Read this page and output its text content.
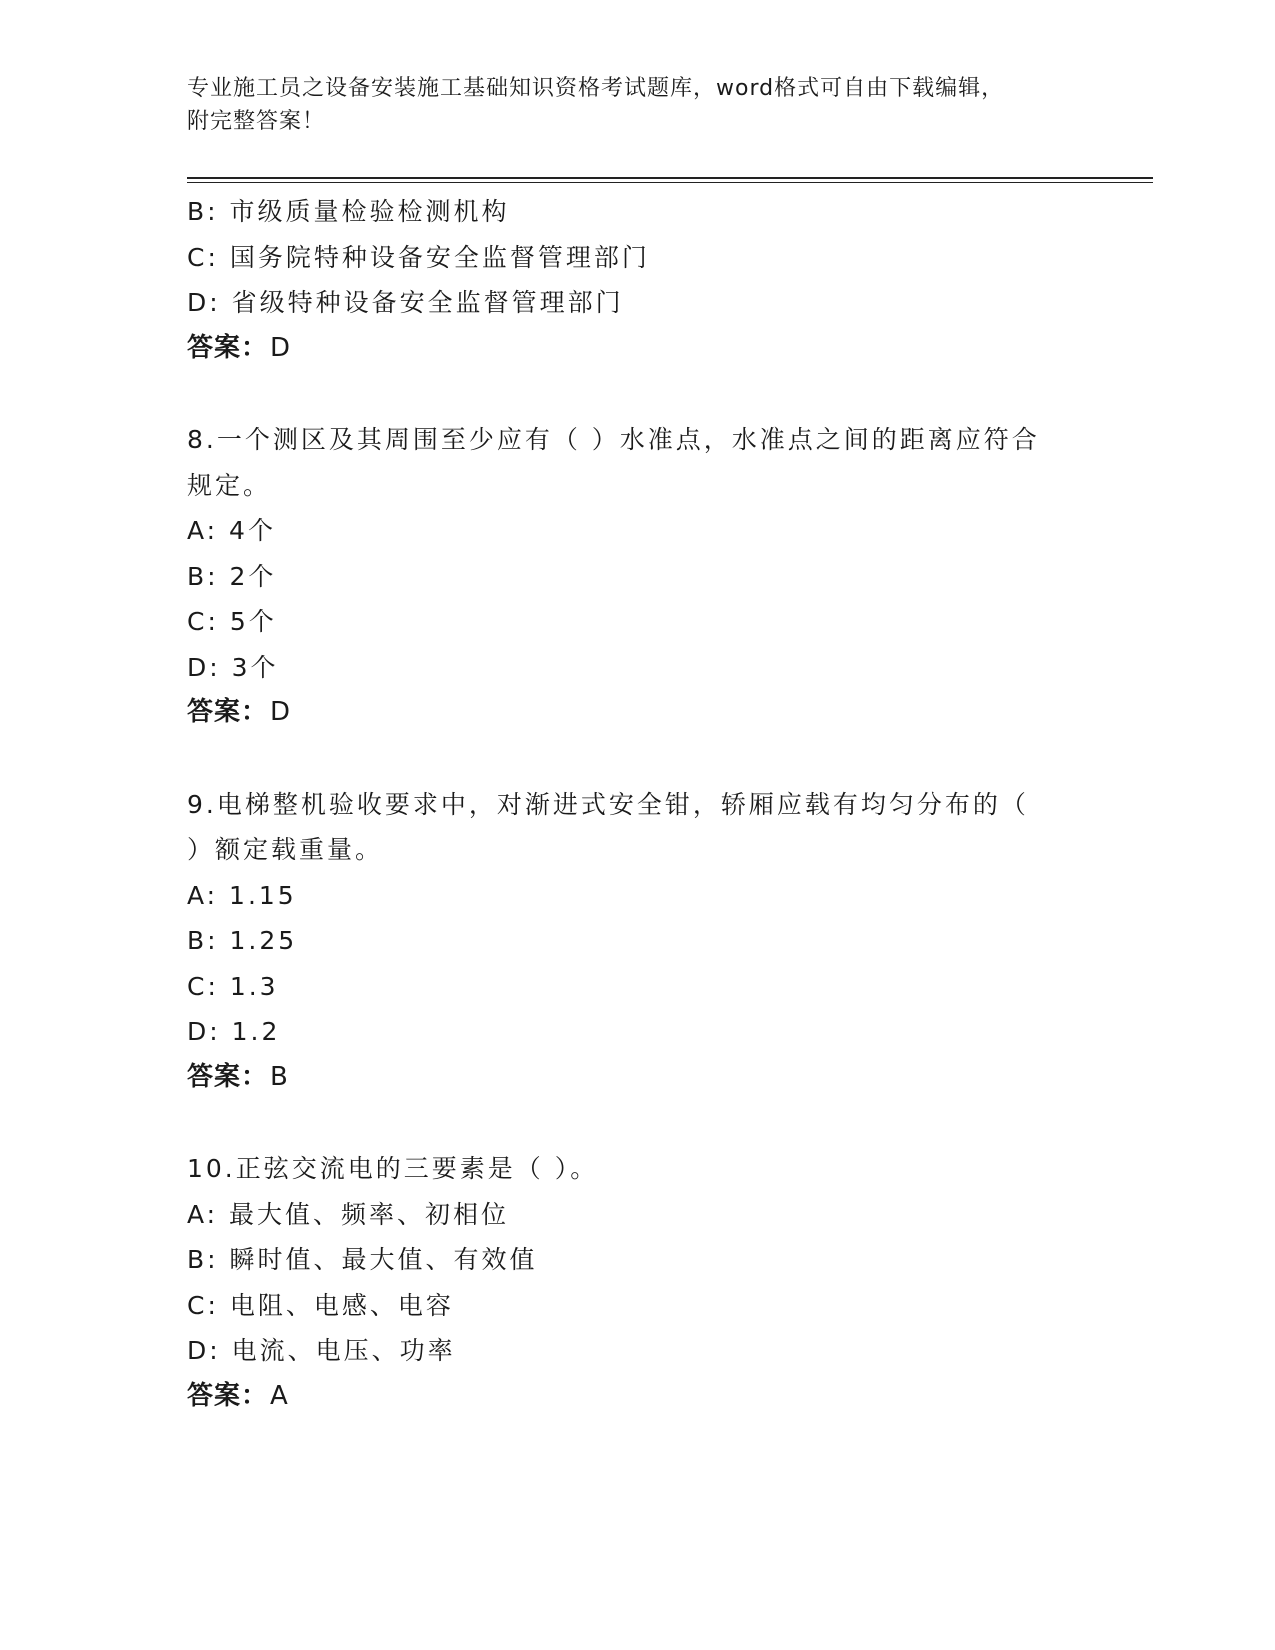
专业施工员之设备安装施工基础知识资格考试题库，word格式可自由下载编辑，
附完整答案！
B: 市级质量检验检测机构
C: 国务院特种设备安全监督管理部门
D: 省级特种设备安全监督管理部门
答案：D
8.一个测区及其周围至少应有（ ）水准点，水准点之间的距离应符合
规定。
A: 4个
B: 2个
C: 5个
D: 3个
答案：D
9.电梯整机验收要求中，对渐进式安全钳，轿厢应载有均匀分布的（
）额定载重量。
A: 1.15
B: 1.25
C: 1.3
D: 1.2
答案：B
10.正弦交流电的三要素是（ ）。
A: 最大值、频率、初相位
B: 瞬时值、最大值、有效值
C: 电阻、电感、电容
D: 电流、电压、功率
答案：A
